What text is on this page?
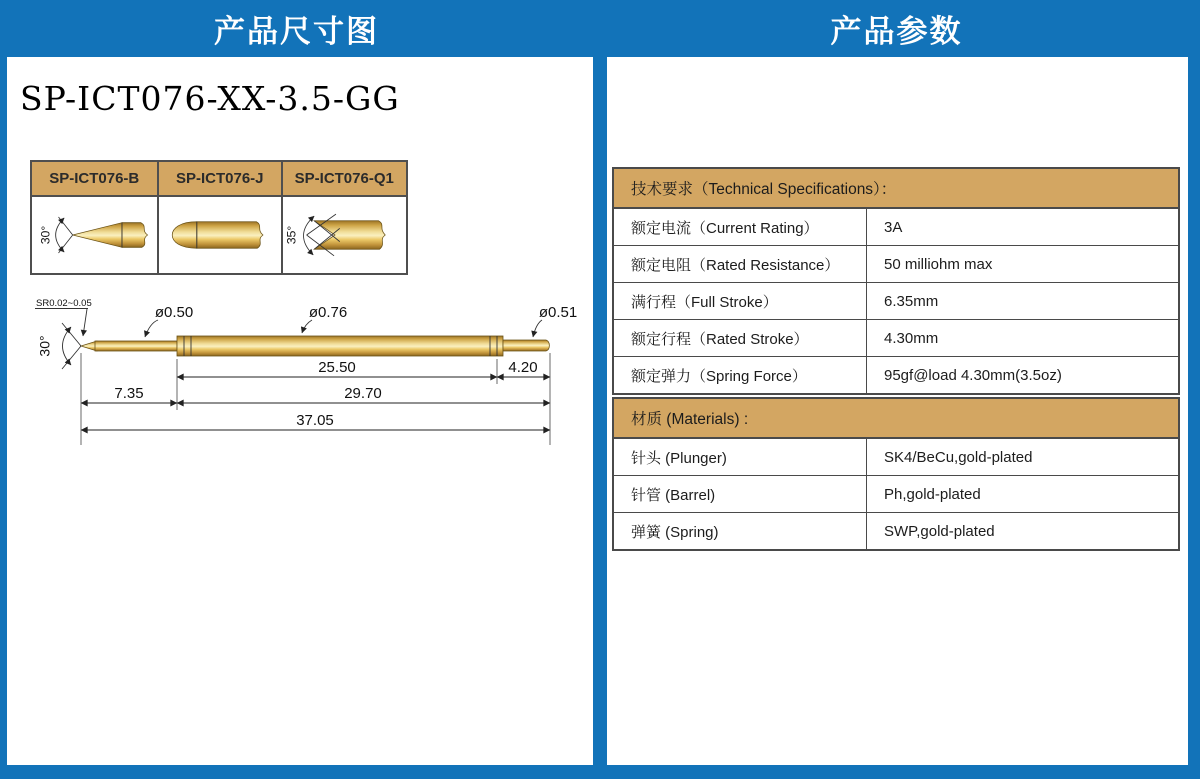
产品尺寸图	产品参数
SP-ICT076-XX-3.5-GG
SP-ICT076-B	SP-ICT076-J	SP-ICT076-Q1
30°	35°
30°
SR0.02~0.05
ø0.50	ø0.76	ø0.51
25.50	4.20
7.35	29.70
37.05
技术要求（Technical Specifications）：
额定电流（Current Rating）	3A
额定电阻（Rated Resistance）	50 milliohm max
满行程（Full Stroke）	6.35mm
额定行程（Rated Stroke）	4.30mm
额定弹力（Spring Force）	95gf@load 4.30mm(3.5oz)
材质 (Materials) :
针头 (Plunger)	SK4/BeCu,gold-plated
针管 (Barrel)	Ph,gold-plated
弹簧 (Spring)	SWP,gold-plated
